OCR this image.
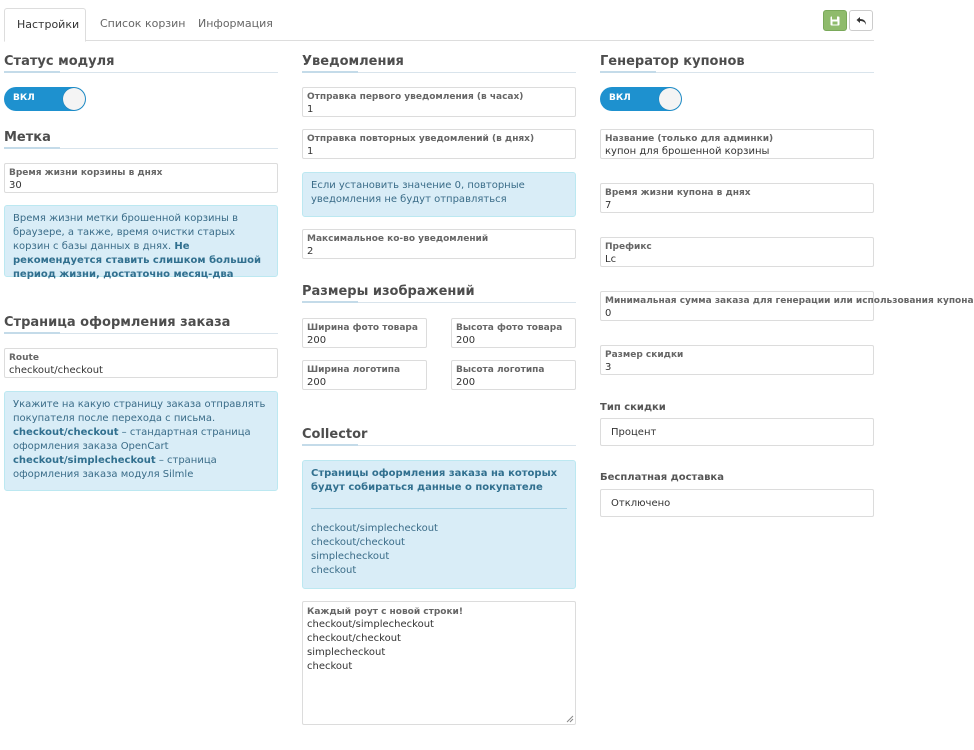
Настройки	Список корзин	Информация
Статус модуля
ВКЛ
Метка
Время жизни корзины в днях
30
Время жизни метки брошенной корзины в браузере, а также, время очистки старых корзин с базы данных в днях. Не рекомендуется ставить слишком большой период жизни, достаточно месяц-два
Страница оформления заказа
Route
checkout/checkout
Укажите на какую страницу заказа отправлять покупателя после перехода с письма.
checkout/checkout – стандартная страница оформления заказа OpenCart
checkout/simplecheckout – страница оформления заказа модуля Silmle
Уведомления
Отправка первого уведомления (в часах)
1
Отправка повторных уведомлений (в днях)
1
Если установить значение 0, повторные уведомления не будут отправляться
Максимальное ко-во уведомлений
2
Размеры изображений
Ширина фото товара
200
Высота фото товара
200
Ширина логотипа
200
Высота логотипа
200
Collector
Страницы оформления заказа на которых будут собираться данные о покупателе
checkout/simplecheckout
checkout/checkout
simplecheckout
checkout
Каждый роут с новой строки!
checkout/simplecheckout
checkout/checkout
simplecheckout
checkout
Генератор купонов
ВКЛ
Название (только для админки)
купон для брошенной корзины
Время жизни купона в днях
7
Префикс
Lc
Минимальная сумма заказа для генерации или использования купона
0
Размер скидки
3
Тип скидки
Процент
Бесплатная доставка
Отключено
